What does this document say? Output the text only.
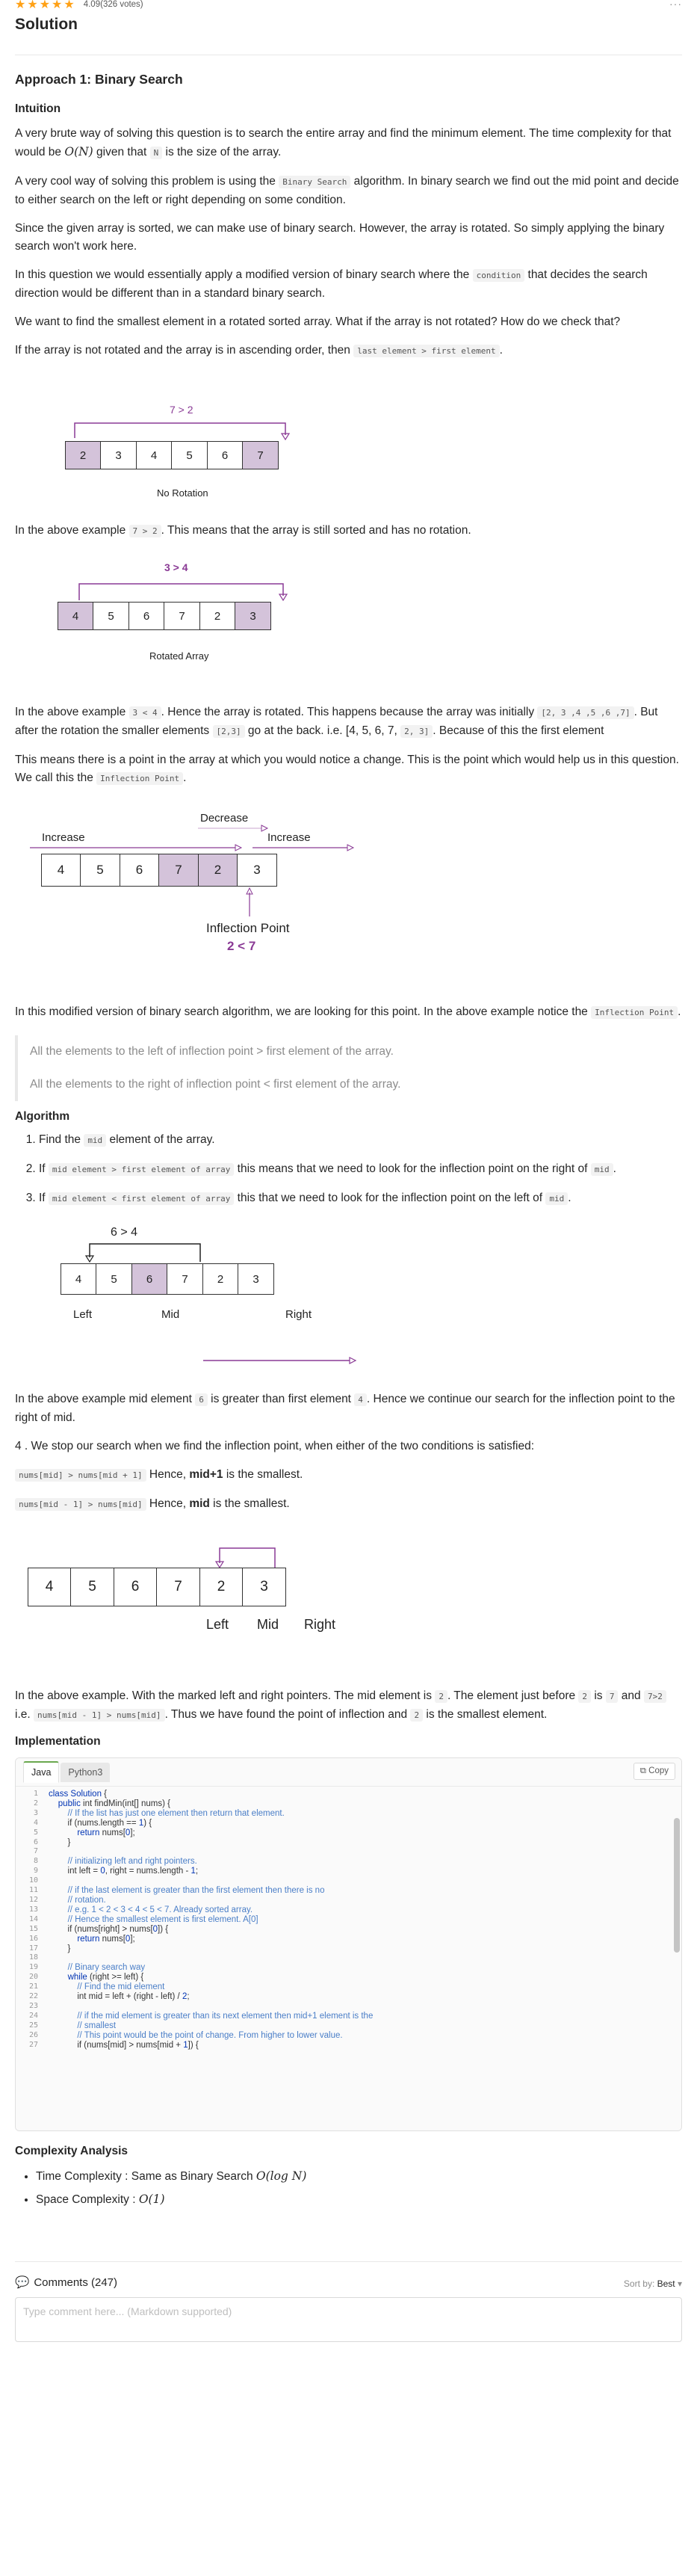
★★★★★ 4.09(326 votes)	···
Solution
Approach 1: Binary Search
Intuition

A very brute way of solving this question is to search the entire array and find the minimum element. The time complexity for that would be O(N) given that N is the size of the array.

A very cool way of solving this problem is using the Binary Search algorithm. In binary search we find out the mid point and decide to either search on the left or right depending on some condition.

Since the given array is sorted, we can make use of binary search. However, the array is rotated. So simply applying the binary search won't work here.

In this question we would essentially apply a modified version of binary search where the condition that decides the search direction would be different than in a standard binary search.

We want to find the smallest element in a rotated sorted array. What if the array is not rotated? How do we check that?

If the array is not rotated and the array is in ascending order, then last element > first element .

7 > 2
2	3	4	5	6	7
No Rotation

In the above example 7 > 2 . This means that the array is still sorted and has no rotation.

3 > 4
4	5	6	7	2	3
Rotated Array

In the above example 3 < 4 . Hence the array is rotated. This happens because the array was initially [2, 3 ,4 ,5 ,6 ,7] . But after the rotation the smaller elements [2,3] go at the back. i.e. [4, 5, 6, 7, 2, 3] . Because of this the first element

This means there is a point in the array at which you would notice a change. This is the point which would help us in this question. We call this the Inflection Point .

Decrease
Increase	Increase
4	5	6	7	2	3
Inflection Point
2 < 7

In this modified version of binary search algorithm, we are looking for this point. In the above example notice the Inflection Point .

All the elements to the left of inflection point > first element of the array.

All the elements to the right of inflection point < first element of the array.

Algorithm
1. Find the mid element of the array.
2. If mid element > first element of array this means that we need to look for the inflection point on the right of mid .
3. If mid element < first element of array this that we need to look for the inflection point on the left of mid .
6 > 4
4	5	6	7	2	3
Left	Mid	Right

In the above example mid element 6 is greater than first element 4 . Hence we continue our search for the inflection point to the right of mid.

4 . We stop our search when we find the inflection point, when either of the two conditions is satisfied:

nums[mid] > nums[mid + 1] Hence, mid+1 is the smallest.

nums[mid - 1] > nums[mid] Hence, mid is the smallest.

4	5	6	7	2	3
Left Mid Right

In the above example. With the marked left and right pointers. The mid element is 2 . The element just before 2 is 7 and 7>2 i.e. nums[mid - 1] > nums[mid] . Thus we have found the point of inflection and 2 is the smallest element.

Implementation
Java	Python3	⧉ Copy
1
2
3
4
5
6
7
8
9
10
11
12
13
14
15
16
17
18
19
20
21
22
23
24
25
26
27
class Solution {
public int findMin(int[] nums) {
// If the list has just one element then return that element.
if (nums.length == 1) {
return nums[0];
}

// initializing left and right pointers.
int left = 0, right = nums.length - 1;

// if the last element is greater than the first element then there is no
// rotation.
// e.g. 1 < 2 < 3 < 4 < 5 < 7. Already sorted array.
// Hence the smallest element is first element. A[0]
if (nums[right] > nums[0]) {
return nums[0];
}

// Binary search way
while (right >= left) {
// Find the mid element
int mid = left + (right - left) / 2;

// if the mid element is greater than its next element then mid+1 element is the
// smallest
// This point would be the point of change. From higher to lower value.
if (nums[mid] > nums[mid + 1]) {
Complexity Analysis
• Time Complexity : Same as Binary Search O(log N)
• Space Complexity : O(1)
💬 Comments (247)	Sort by: Best ▾
Type comment here... (Markdown supported)
